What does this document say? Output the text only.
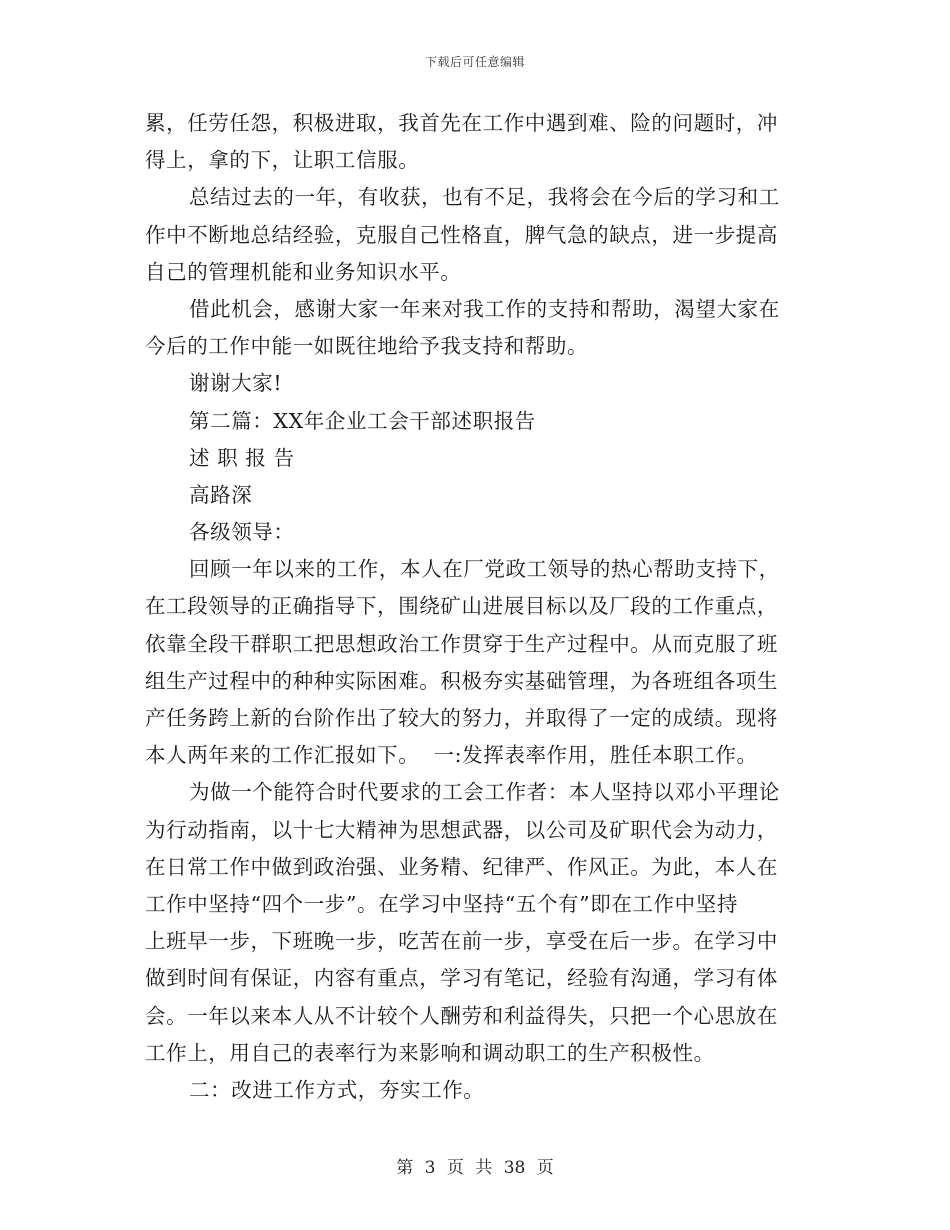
下载后可任意编辑
累，任劳任怨，积极进取，我首先在工作中遇到难、险的问题时，冲
得上，拿的下，让职工信服。
总结过去的一年，有收获，也有不足，我将会在今后的学习和工
作中不断地总结经验，克服自己性格直，脾气急的缺点，进一步提高
自己的管理机能和业务知识水平。
借此机会，感谢大家一年来对我工作的支持和帮助，渴望大家在
今后的工作中能一如既往地给予我支持和帮助。
谢谢大家!
第二篇：XX年企业工会干部述职报告
述 职 报 告
高路深
各级领导：
回顾一年以来的工作，本人在厂党政工领导的热心帮助支持下，
在工段领导的正确指导下，围绕矿山进展目标以及厂段的工作重点，
依靠全段干群职工把思想政治工作贯穿于生产过程中。从而克服了班
组生产过程中的种种实际困难。积极夯实基础管理，为各班组各项生
产任务跨上新的台阶作出了较大的努力，并取得了一定的成绩。现将
本人两年来的工作汇报如下。  一:发挥表率作用，胜任本职工作。
为做一个能符合时代要求的工会工作者：本人坚持以邓小平理论
为行动指南，以十七大精神为思想武器，以公司及矿职代会为动力，
在日常工作中做到政治强、业务精、纪律严、作风正。为此，本人在
工作中坚持“四个一步”。在学习中坚持“五个有”即在工作中坚持
上班早一步，下班晚一步，吃苦在前一步，享受在后一步。在学习中
做到时间有保证，内容有重点，学习有笔记，经验有沟通，学习有体
会。一年以来本人从不计较个人酬劳和利益得失，只把一个心思放在
工作上，用自己的表率行为来影响和调动职工的生产积极性。
二：改进工作方式，夯实工作。
第 3 页 共 38 页
